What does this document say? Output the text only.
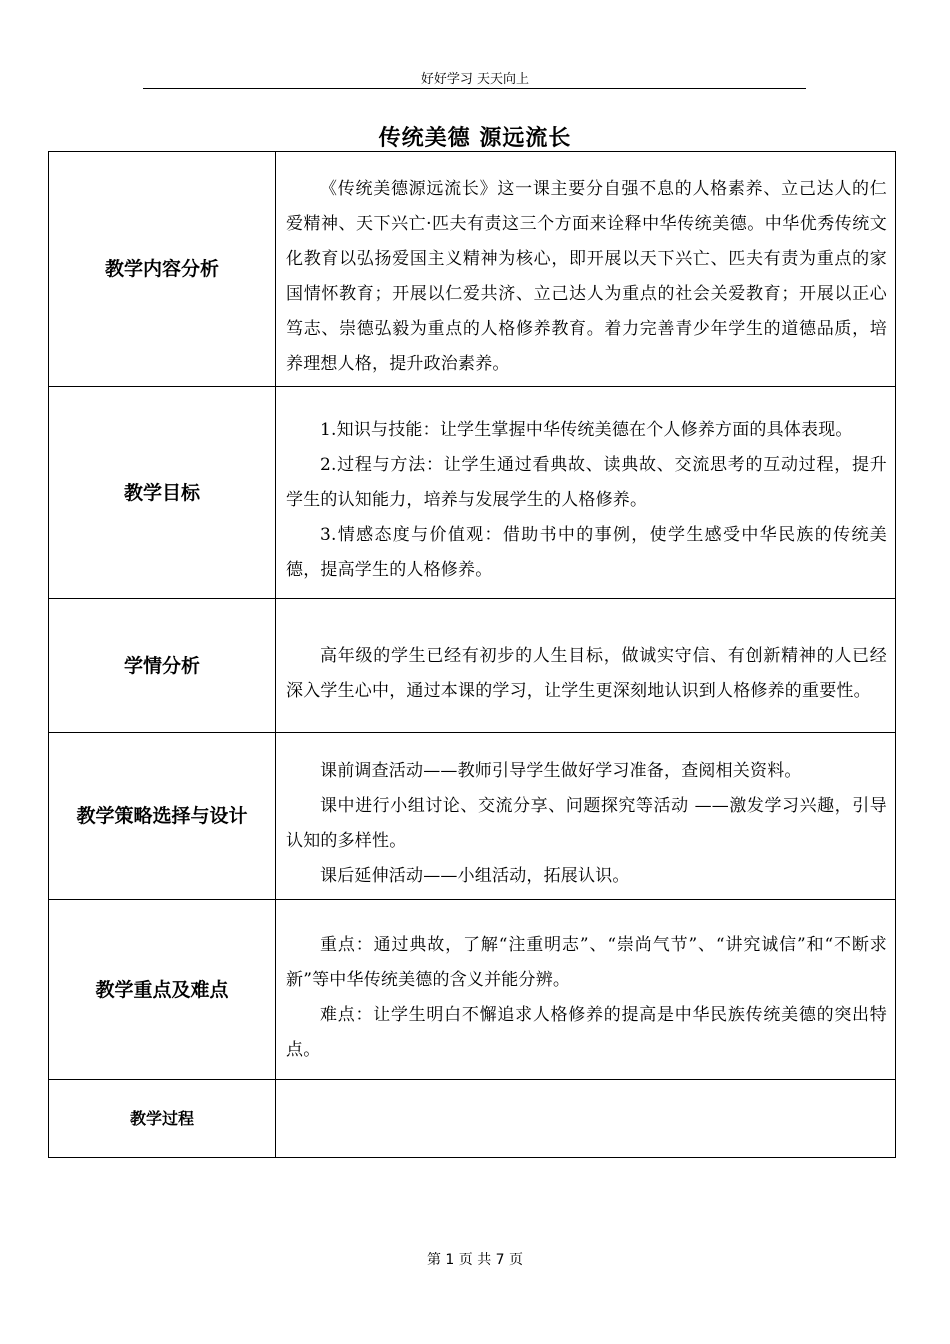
好好学习 天天向上
传统美德 源远流长
教学内容分析	《传统美德源远流长》这一课主要分自强不息的人格素养、立己达人的仁爱精神、天下兴亡·匹夫有责这三个方面来诠释中华传统美德。中华优秀传统文化教育以弘扬爱国主义精神为核心，即开展以天下兴亡、匹夫有责为重点的家国情怀教育；开展以仁爱共济、立己达人为重点的社会关爱教育；开展以正心笃志、崇德弘毅为重点的人格修养教育。着力完善青少年学生的道德品质，培养理想人格，提升政治素养。

教学目标	1.知识与技能：让学生掌握中华传统美德在个人修养方面的具体表现。

2.过程与方法：让学生通过看典故、读典故、交流思考的互动过程，提升学生的认知能力，培养与发展学生的人格修养。

3.情感态度与价值观：借助书中的事例，使学生感受中华民族的传统美德，提高学生的人格修养。

学情分析	高年级的学生已经有初步的人生目标，做诚实守信、有创新精神的人已经深入学生心中，通过本课的学习，让学生更深刻地认识到人格修养的重要性。

教学策略选择与设计	课前调查活动——教师引导学生做好学习准备，查阅相关资料。

课中进行小组讨论、交流分享、问题探究等活动 ——激发学习兴趣，引导认知的多样性。

课后延伸活动——小组活动，拓展认识。

教学重点及难点	重点：通过典故，了解“注重明志”、“崇尚气节”、“讲究诚信”和“不断求新”等中华传统美德的含义并能分辨。

难点：让学生明白不懈追求人格修养的提高是中华民族传统美德的突出特点。

教学过程	
第 1 页 共 7 页
